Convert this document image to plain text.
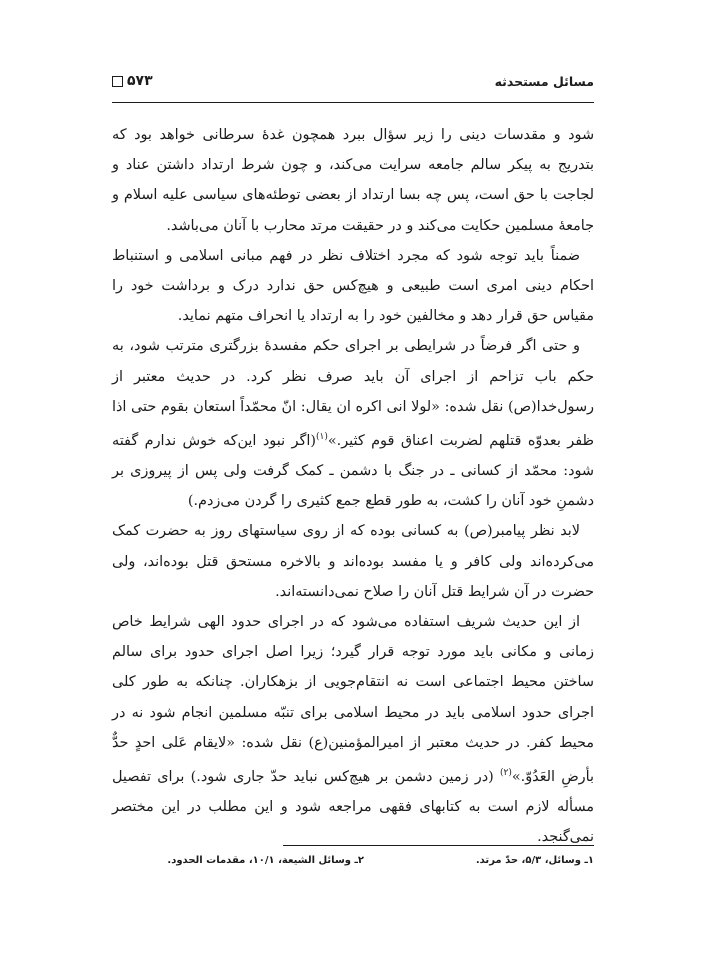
مسائل مستحدثه
۵۷۳

شود و مقدسات دینی را زیر سؤال ببرد همچون غدهٔ سرطانی خواهد بود که بتدریج به پیکر سالم جامعه سرایت می‌کند، و چون شرط ارتداد داشتن عناد و لجاجت با حق است، پس چه بسا ارتداد از بعضی توطئه‌های سیاسی علیه اسلام و جامعهٔ مسلمین حکایت می‌کند و در حقیقت مرتد محارب با آنان می‌باشد.

ضمناً باید توجه شود که مجرد اختلاف نظر در فهم مبانی اسلامی و استنباط احکام دینی امری است طبیعی و هیچ‌کس حق ندارد درک و برداشت خود را مقیاس حق قرار دهد و مخالفین خود را به ارتداد یا انحراف متهم نماید.

و حتی اگر فرضاً در شرایطی بر اجرای حکم مفسدهٔ بزرگتری مترتب شود، به حکم باب تزاحم از اجرای آن باید صرف نظر کرد. در حدیث معتبر از رسول‌خدا(ص) نقل شده: «لولا انی اکره ان یقال: انّ محمّداً استعان بقوم حتی اذا ظفر بعدوّه قتلهم لضربت اعناق قوم کثیر.»$^{(۱)}$(اگر نبود این‌که خوش ندارم گفته شود: محمّد از کسانی ـ در جنگ با دشمن ـ کمک گرفت ولی پس از پیروزی بر دشمنِ خود آنان را کشت، به طور قطع جمع کثیری را گردن می‌زدم.)

لابد نظر پیامبر(ص) به کسانی بوده که از روی سیاستهای روز به حضرت کمک می‌کرده‌اند ولی کافر و یا مفسد بوده‌اند و بالاخره مستحق قتل بوده‌اند، ولی حضرت در آن شرایط قتل آنان را صلاح نمی‌دانسته‌اند.

از این حدیث شریف استفاده می‌شود که در اجرای حدود الهی شرایط خاص زمانی و مکانی باید مورد توجه قرار گیرد؛ زیرا اصل اجرای حدود برای سالم ساختن محیط اجتماعی است نه انتقام‌جویی از بزهکاران. چنانکه به طور کلی اجرای حدود اسلامی باید در محیط اسلامی برای تنبّه مسلمین انجام شود نه در محیط کفر. در حدیث معتبر از امیرالمؤمنین(ع) نقل شده: «لایقام عَلی احدٍ حدٌّ بأرضِ العَدُوّ.»$^{(۲)}$ (در زمین دشمن بر هیچ‌کس نباید حدّ جاری شود.) برای تفصیل مسأله لازم است به کتابهای فقهی مراجعه شود و این مطلب در این مختصر نمی‌گنجد.

۱ـ وسائل، ۵/۳، حدّ مرتد.
۲ـ وسائل الشیعة، ۱۰/۱، مقدمات الحدود.
